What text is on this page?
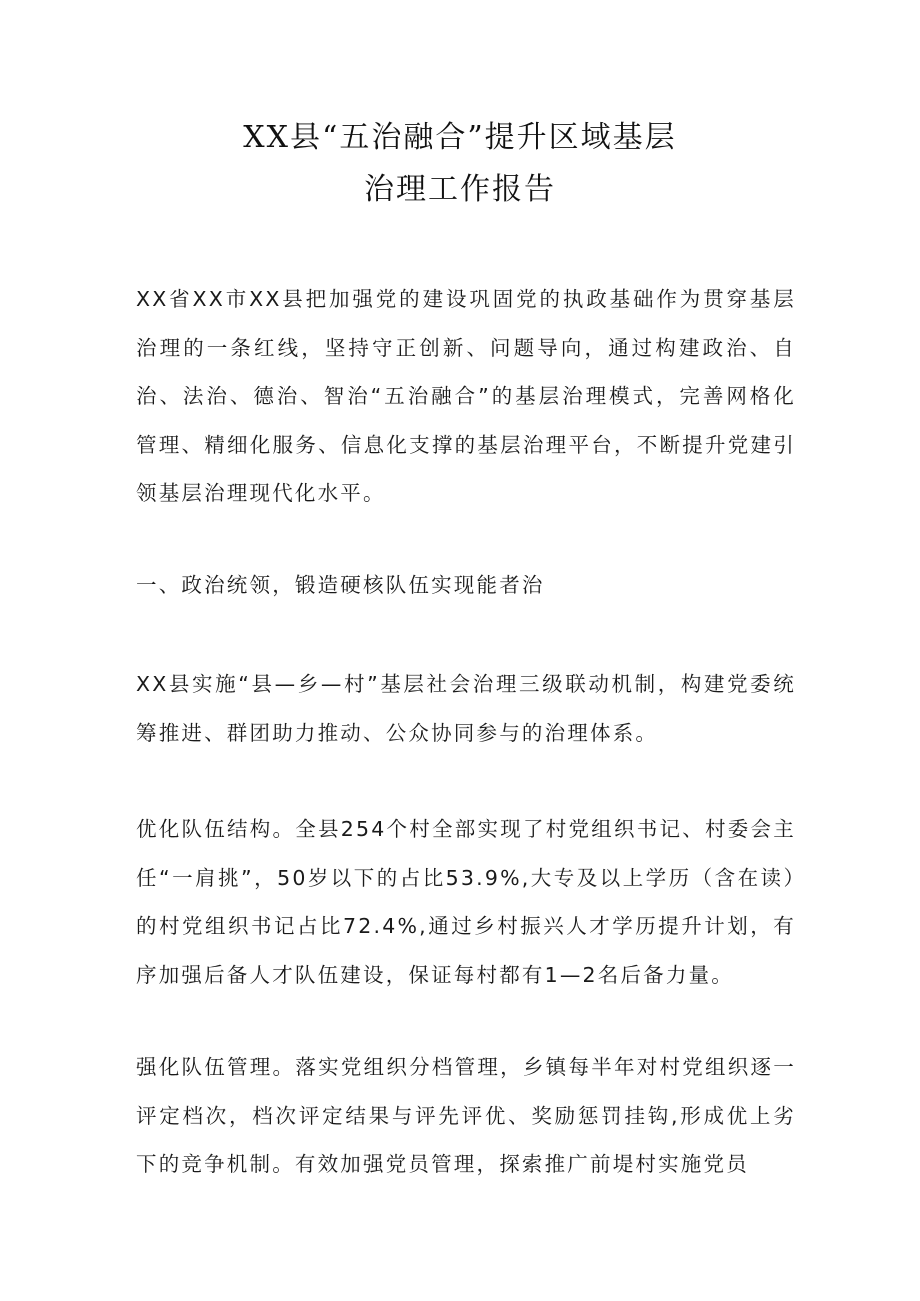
XX县“五治融合”提升区域基层
治理工作报告
XX省XX市XX县把加强党的建设巩固党的执政基础作为贯穿基层治理的一条红线，坚持守正创新、问题导向，通过构建政治、自治、法治、德治、智治“五治融合”的基层治理模式，完善网格化管理、精细化服务、信息化支撑的基层治理平台，不断提升党建引领基层治理现代化水平。
一、政治统领，锻造硬核队伍实现能者治
XX县实施“县—乡—村”基层社会治理三级联动机制，构建党委统筹推进、群团助力推动、公众协同参与的治理体系。
优化队伍结构。全县254个村全部实现了村党组织书记、村委会主任“一肩挑”，50岁以下的占比53.9%,大专及以上学历（含在读）的村党组织书记占比72.4%,通过乡村振兴人才学历提升计划，有序加强后备人才队伍建设，保证每村都有1—2名后备力量。
强化队伍管理。落实党组织分档管理，乡镇每半年对村党组织逐一评定档次，档次评定结果与评先评优、奖励惩罚挂钩,形成优上劣下的竞争机制。有效加强党员管理，探索推广前堤村实施党员
